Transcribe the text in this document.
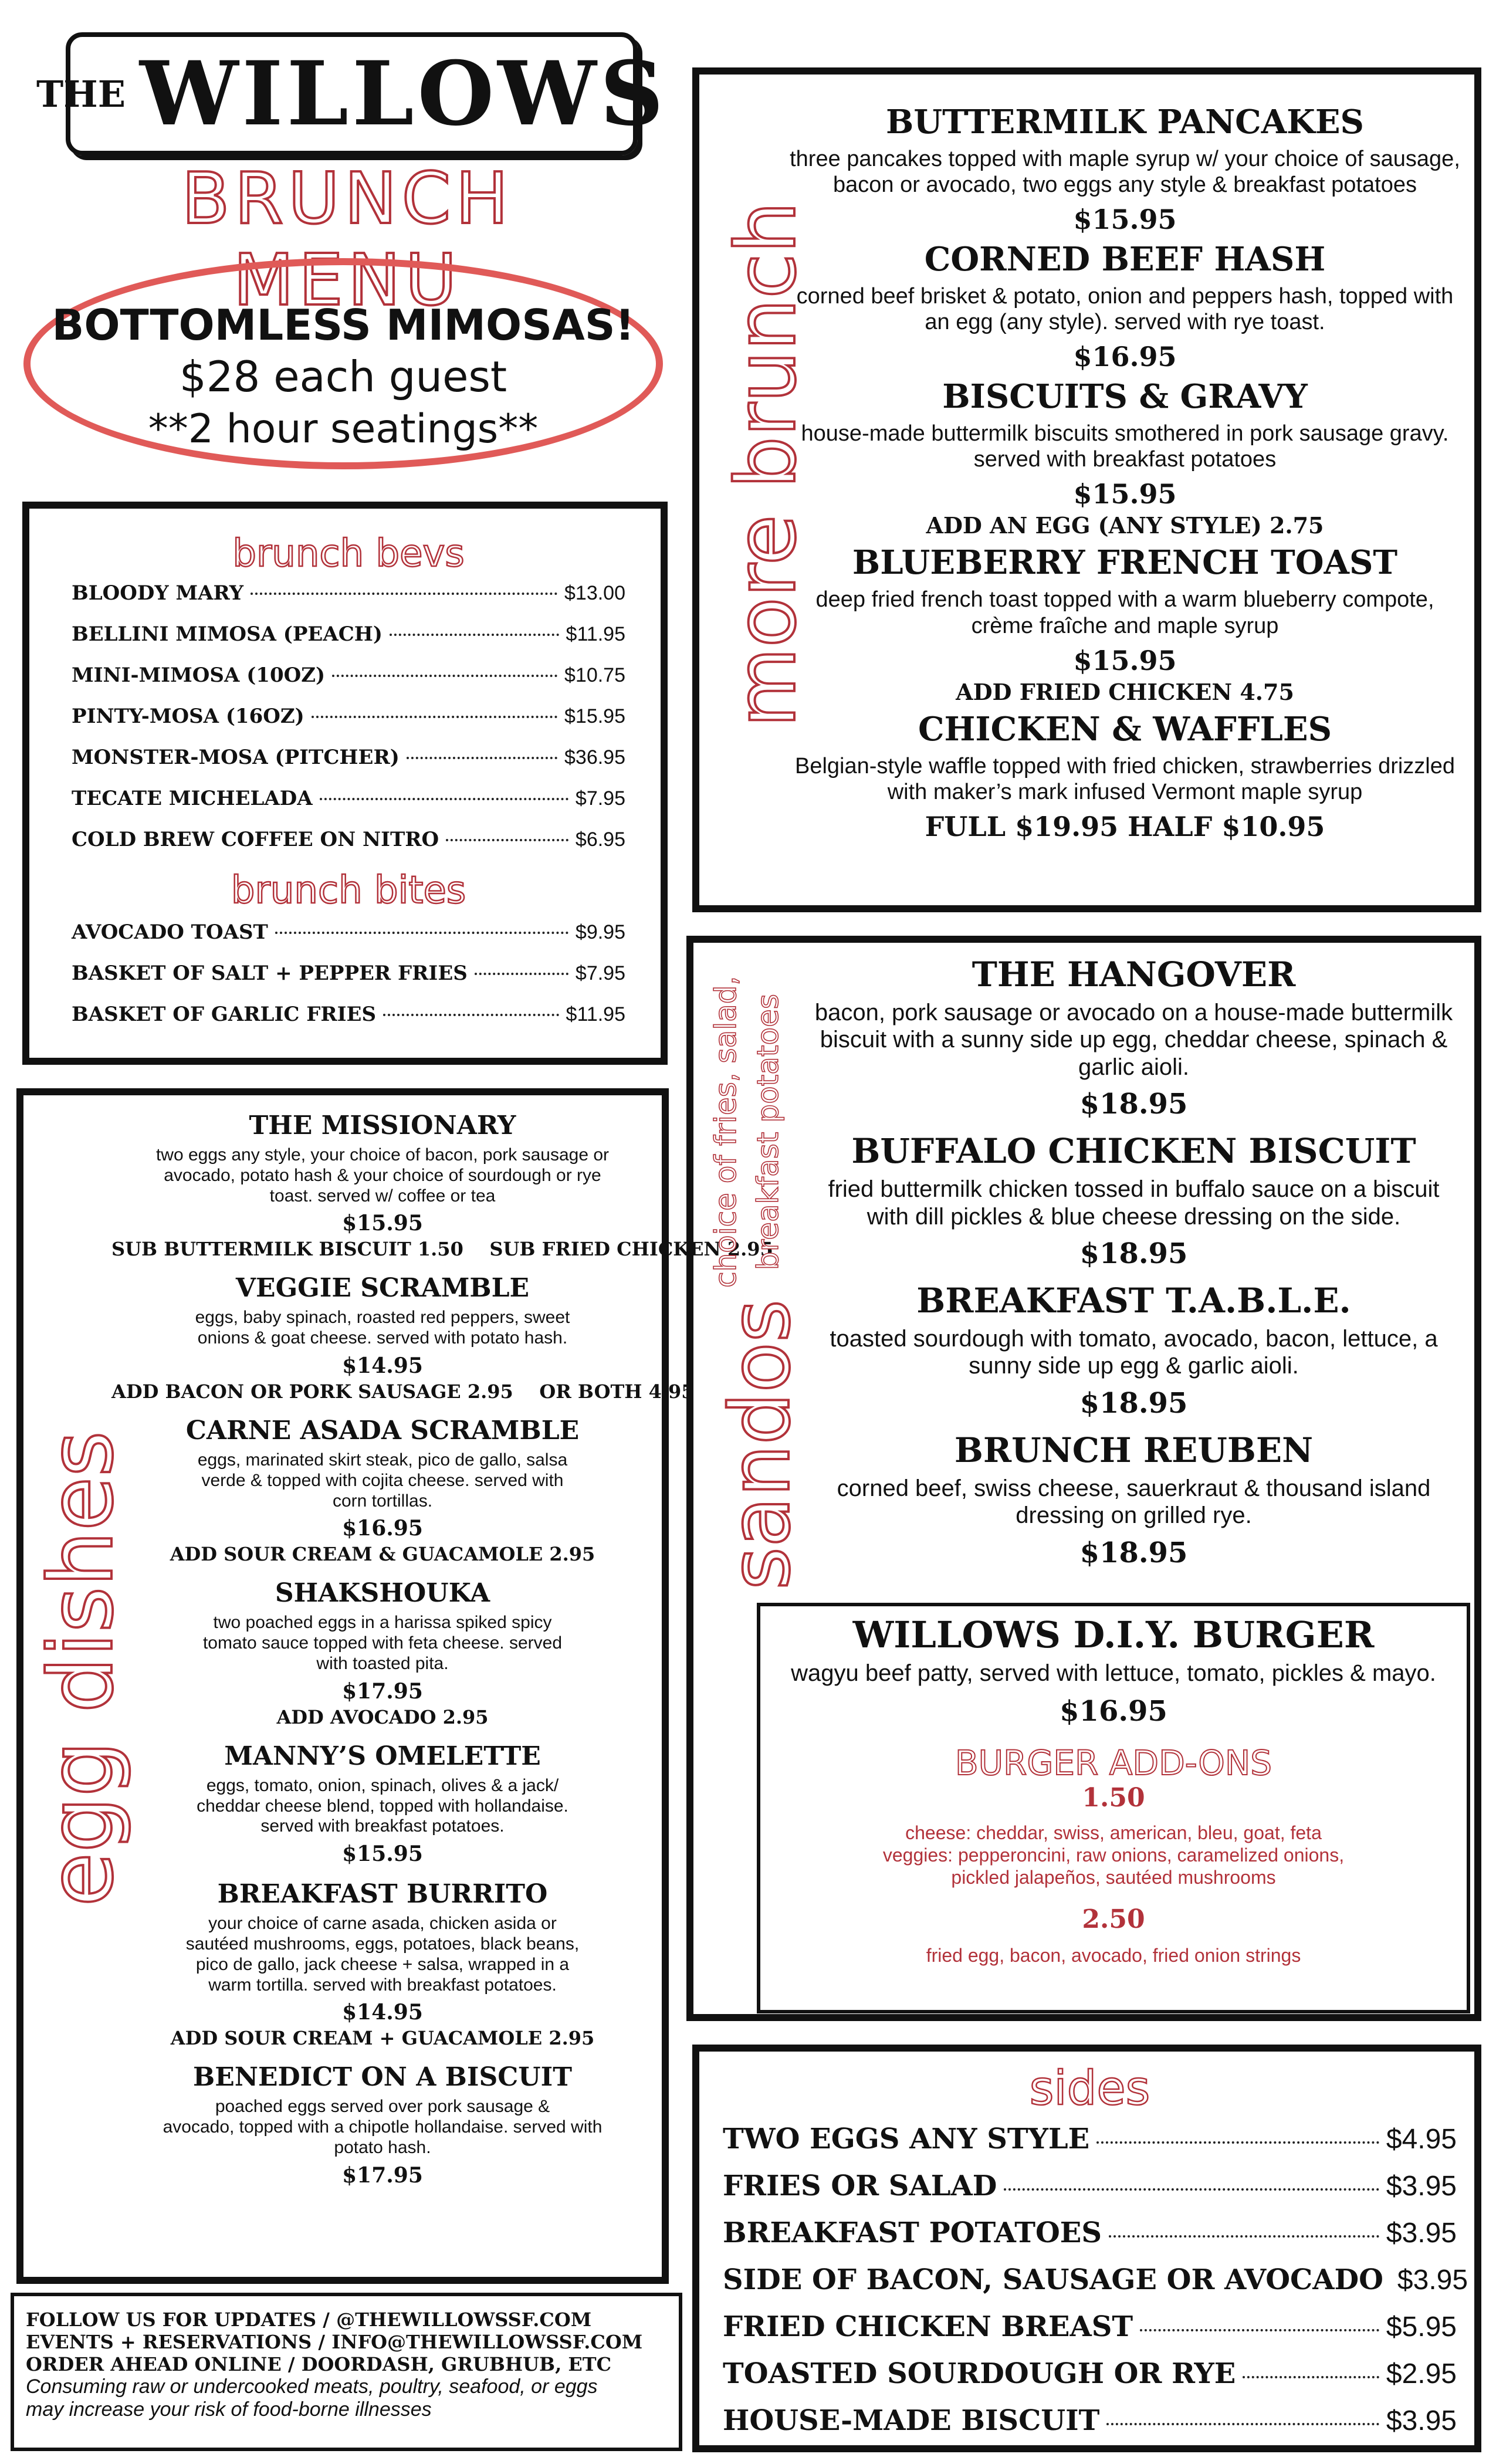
THE WILLOWS
BRUNCH MENU
BOTTOMLESS MIMOSAS!
$28 each guest
**2 hour seatings**
brunch bevs
BLOODY MARY	$13.00
BELLINI MIMOSA (PEACH)	$11.95
MINI-MIMOSA (10OZ)	$10.75
PINTY-MOSA (16OZ)	$15.95
MONSTER-MOSA (PITCHER)	$36.95
TECATE MICHELADA	$7.95
COLD BREW COFFEE ON NITRO	$6.95
brunch bites
AVOCADO TOAST	$9.95
BASKET OF SALT + PEPPER FRIES	$7.95
BASKET OF GARLIC FRIES	$11.95
THE MISSIONARY
two eggs any style, your choice of bacon, pork sausage or
avocado, potato hash & your choice of sourdough or rye
toast. served w/ coffee or tea
$15.95
SUB BUTTERMILK BISCUIT 1.50    SUB FRIED CHICKEN 2.95
VEGGIE SCRAMBLE
eggs, baby spinach, roasted red peppers, sweet
onions & goat cheese. served with potato hash.
$14.95
ADD BACON OR PORK SAUSAGE 2.95    OR BOTH 4.95
CARNE ASADA SCRAMBLE
eggs, marinated skirt steak, pico de gallo, salsa
verde & topped with cojita cheese. served with
corn tortillas.
$16.95
ADD SOUR CREAM & GUACAMOLE 2.95
SHAKSHOUKA
two poached eggs in a harissa spiked spicy
tomato sauce topped with feta cheese. served
with toasted pita.
$17.95
ADD AVOCADO 2.95
MANNY’S OMELETTE
eggs, tomato, onion, spinach, olives & a jack/
cheddar cheese blend, topped with hollandaise.
served with breakfast potatoes.
$15.95
BREAKFAST BURRITO
your choice of carne asada, chicken asida or
sautéed mushrooms, eggs, potatoes, black beans,
pico de gallo, jack cheese + salsa, wrapped in a
warm tortilla. served with breakfast potatoes.
$14.95
ADD SOUR CREAM + GUACAMOLE 2.95
BENEDICT ON A BISCUIT
poached eggs served over pork sausage &
avocado, topped with a chipotle hollandaise. served with
potato hash.
$17.95
egg dishes
BUTTERMILK PANCAKES
three pancakes topped with maple syrup w/ your choice of sausage,
bacon or avocado, two eggs any style & breakfast potatoes
$15.95
CORNED BEEF HASH
corned beef brisket & potato, onion and peppers hash, topped with
an egg (any style). served with rye toast.
$16.95
BISCUITS & GRAVY
house-made buttermilk biscuits smothered in pork sausage gravy.
served with breakfast potatoes
$15.95
ADD AN EGG (ANY STYLE) 2.75
BLUEBERRY FRENCH TOAST
deep fried french toast topped with a warm blueberry compote,
crème fraîche and maple syrup
$15.95
ADD FRIED CHICKEN 4.75
CHICKEN & WAFFLES
Belgian-style waffle topped with fried chicken, strawberries drizzled
with maker’s mark infused Vermont maple syrup
FULL $19.95 HALF $10.95
more brunch
THE HANGOVER
bacon, pork sausage or avocado on a house-made buttermilk
biscuit with a sunny side up egg, cheddar cheese, spinach &
garlic aioli.
$18.95
BUFFALO CHICKEN BISCUIT
fried buttermilk chicken tossed in buffalo sauce on a biscuit
with dill pickles & blue cheese dressing on the side.
$18.95
BREAKFAST T.A.B.L.E.
toasted sourdough with tomato, avocado, bacon, lettuce, a
sunny side up egg & garlic aioli.
$18.95
BRUNCH REUBEN
corned beef, swiss cheese, sauerkraut & thousand island
dressing on grilled rye.
$18.95
WILLOWS D.I.Y. BURGER
wagyu beef patty, served with lettuce, tomato, pickles & mayo.
$16.95
BURGER ADD-ONS
1.50
cheese: cheddar, swiss, american, bleu, goat, feta
veggies: pepperoncini, raw onions, caramelized onions,
pickled jalapeños, sautéed mushrooms
2.50
fried egg, bacon, avocado, fried onion strings
sandos
choice of fries, salad, breakfast potatoes
sides
TWO EGGS ANY STYLE	$4.95
FRIES OR SALAD	$3.95
BREAKFAST POTATOES	$3.95
SIDE OF BACON, SAUSAGE OR AVOCADO $3.95
FRIED CHICKEN BREAST	$5.95
TOASTED SOURDOUGH OR RYE	$2.95
HOUSE-MADE BISCUIT	$3.95
FOLLOW US FOR UPDATES / @THEWILLOWSSF.COM
EVENTS + RESERVATIONS / INFO@THEWILLOWSSF.COM
ORDER AHEAD ONLINE / DOORDASH, GRUBHUB, ETC
Consuming raw or undercooked meats, poultry, seafood, or eggs
may increase your risk of food-borne illnesses
